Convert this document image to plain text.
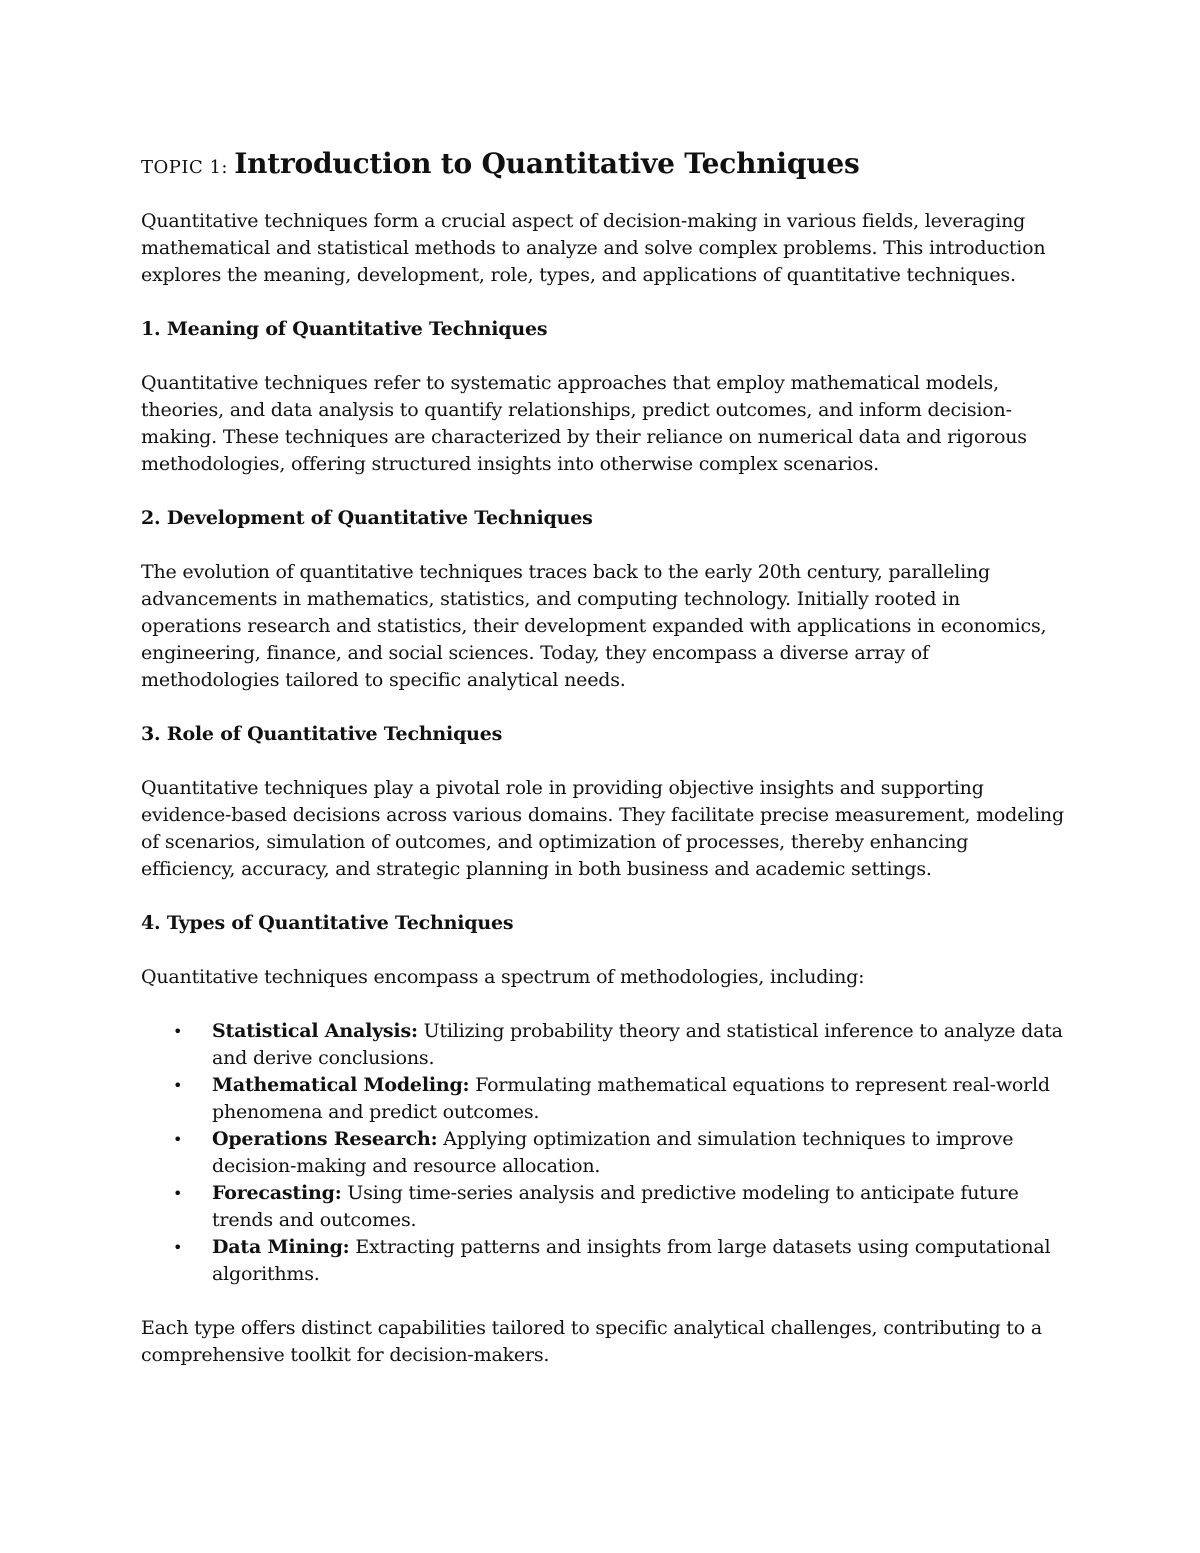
TOPIC 1: Introduction to Quantitative Techniques

Quantitative techniques form a crucial aspect of decision-making in various fields, leveraging mathematical and statistical methods to analyze and solve complex problems. This introduction explores the meaning, development, role, types, and applications of quantitative techniques.

1. Meaning of Quantitative Techniques

Quantitative techniques refer to systematic approaches that employ mathematical models, theories, and data analysis to quantify relationships, predict outcomes, and inform decision-making. These techniques are characterized by their reliance on numerical data and rigorous methodologies, offering structured insights into otherwise complex scenarios.

2. Development of Quantitative Techniques

The evolution of quantitative techniques traces back to the early 20th century, paralleling advancements in mathematics, statistics, and computing technology. Initially rooted in operations research and statistics, their development expanded with applications in economics, engineering, finance, and social sciences. Today, they encompass a diverse array of methodologies tailored to specific analytical needs.

3. Role of Quantitative Techniques

Quantitative techniques play a pivotal role in providing objective insights and supporting evidence-based decisions across various domains. They facilitate precise measurement, modeling of scenarios, simulation of outcomes, and optimization of processes, thereby enhancing efficiency, accuracy, and strategic planning in both business and academic settings.

4. Types of Quantitative Techniques

Quantitative techniques encompass a spectrum of methodologies, including:

• Statistical Analysis: Utilizing probability theory and statistical inference to analyze data and derive conclusions.
• Mathematical Modeling: Formulating mathematical equations to represent real-world phenomena and predict outcomes.
• Operations Research: Applying optimization and simulation techniques to improve decision-making and resource allocation.
• Forecasting: Using time-series analysis and predictive modeling to anticipate future trends and outcomes.
• Data Mining: Extracting patterns and insights from large datasets using computational algorithms.

Each type offers distinct capabilities tailored to specific analytical challenges, contributing to a comprehensive toolkit for decision-makers.
